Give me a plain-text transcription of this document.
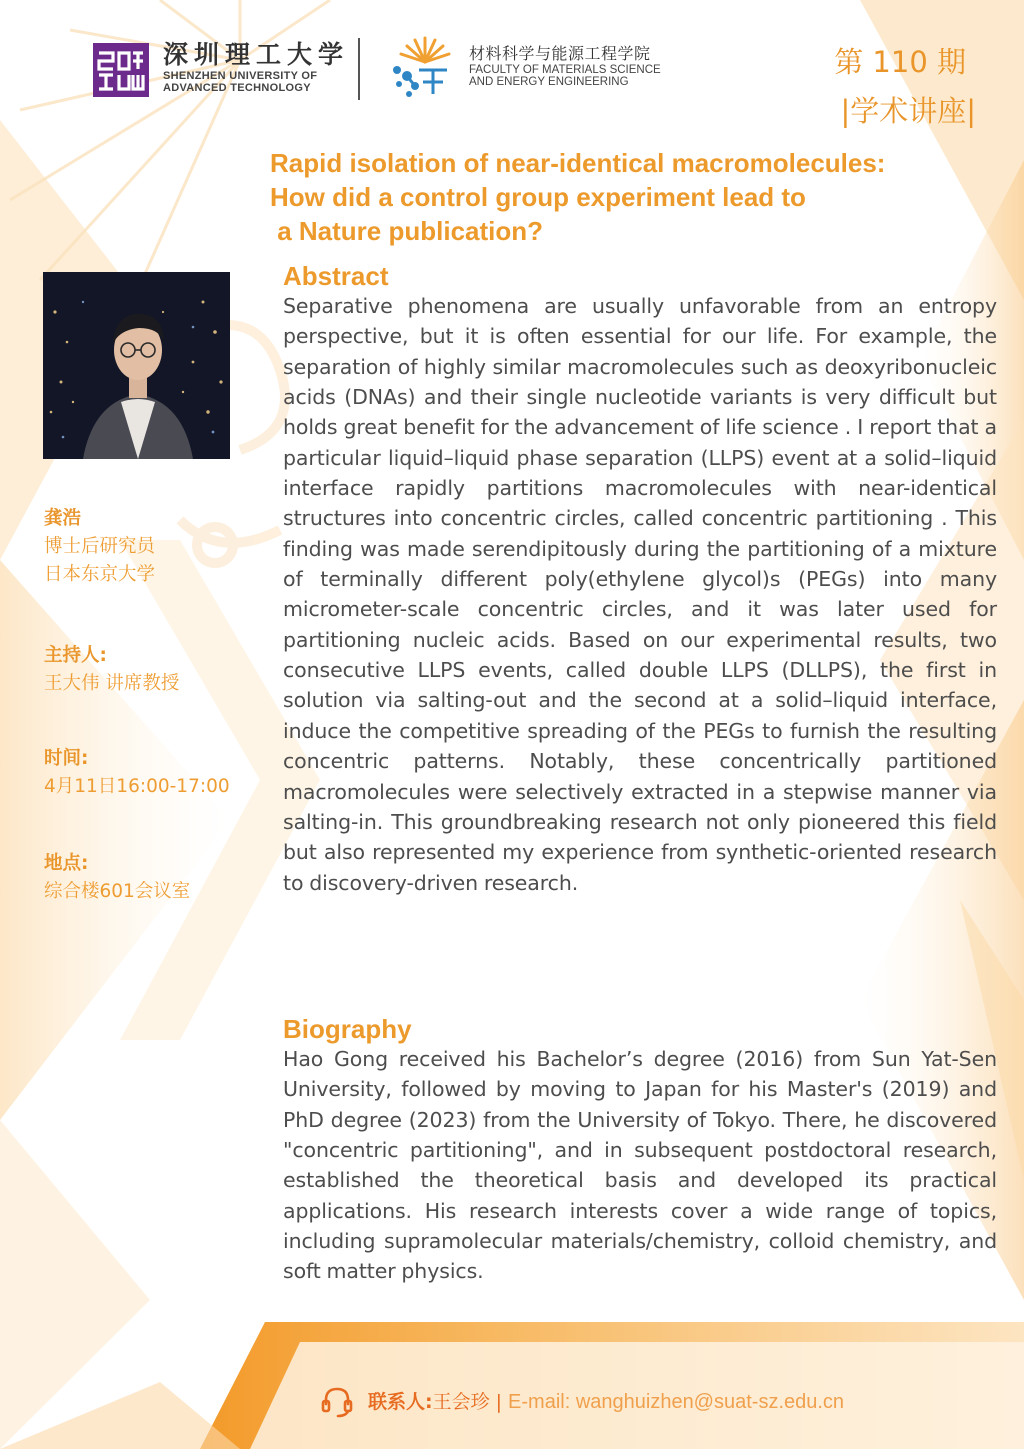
深圳理工大学
SHENZHEN UNIVERSITY OF
ADVANCED TECHNOLOGY
材料科学与能源工程学院
FACULTY OF MATERIALS SCIENCE
AND ENERGY ENGINEERING
第 110 期
|学术讲座|
Rapid isolation of near-identical macromolecules:
How did a control group experiment lead to
a Nature publication?
龚浩
博士后研究员
日本东京大学
主持人:
王大伟 讲席教授
时间:
4月11日16:00-17:00
地点:
综合楼601会议室
Abstract
Separative phenomena are usually unfavorable from an entropy perspective, but it is often essential for our life. For example, the separation of highly similar macromolecules such as deoxyribonucleic acids (DNAs) and their single nucleotide variants is very difficult but holds great benefit for the advancement of life science . I report that a particular liquid–liquid phase separation (LLPS) event at a solid–liquid interface rapidly partitions macromolecules with near-identical structures into concentric circles, called concentric partitioning . This finding was made serendipitously during the partitioning of a mixture of terminally different poly(ethylene glycol)s (PEGs) into many micrometer-scale concentric circles, and it was later used for partitioning nucleic acids. Based on our experimental results, two consecutive LLPS events, called double LLPS (DLLPS), the first in solution via salting-out and the second at a solid–liquid interface, induce the competitive spreading of the PEGs to furnish the resulting concentric patterns. Notably, these concentrically partitioned macromolecules were selectively extracted in a stepwise manner via salting-in. This groundbreaking research not only pioneered this field but also represented my experience from synthetic-oriented research to discovery-driven research.
Biography
Hao Gong received his Bachelor’s degree (2016) from Sun Yat-Sen University, followed by moving to Japan for his Master's (2019) and PhD degree (2023) from the University of Tokyo. There, he discovered "concentric partitioning", and in subsequent postdoctoral research, established the theoretical basis and developed its practical applications. His research interests cover a wide range of topics, including supramolecular materials/chemistry, colloid chemistry, and soft matter physics.
联系人: 王会珍 | E-mail: wanghuizhen@suat-sz.edu.cn
